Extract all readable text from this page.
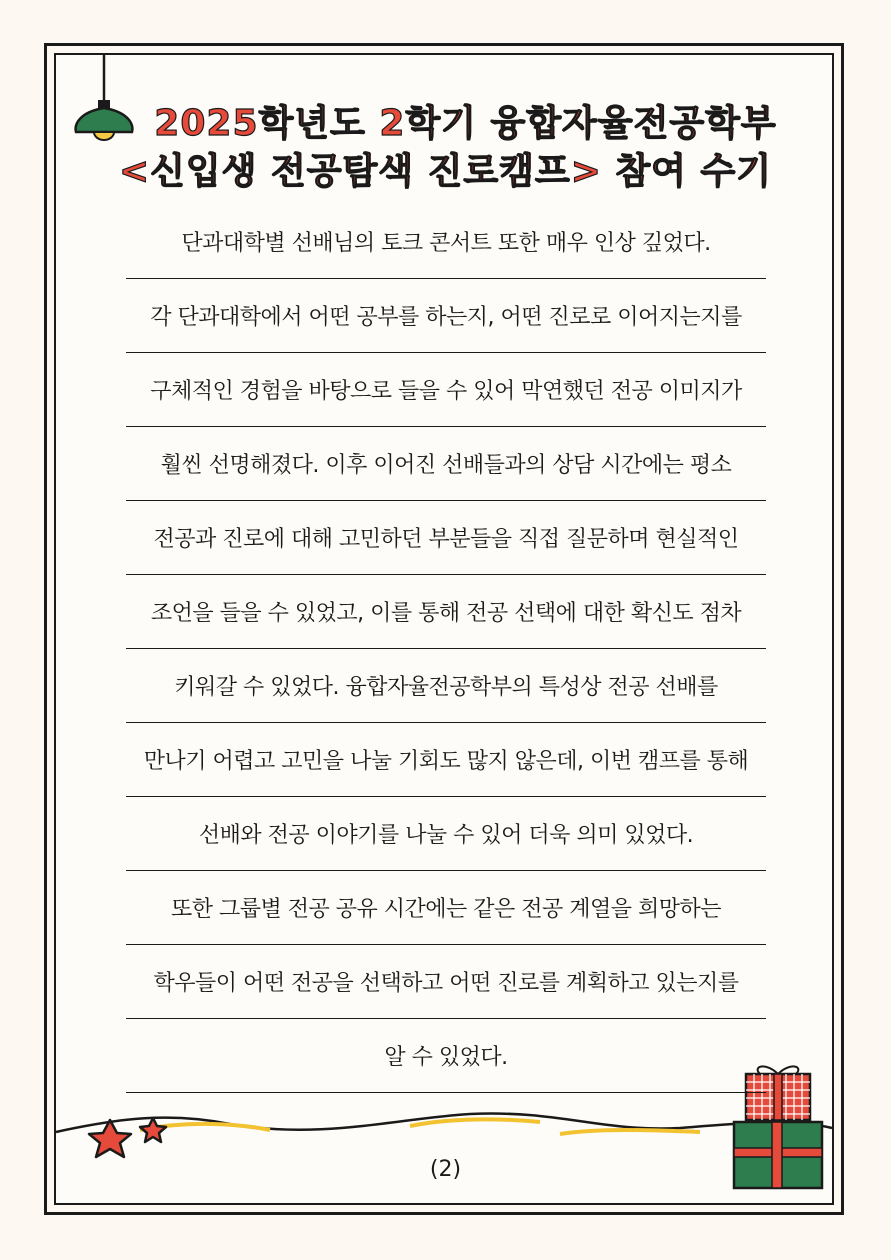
2025학년도 2학기 융합자율전공학부
<신입생 전공탐색 진로캠프> 참여 수기
단과대학별 선배님의 토크 콘서트 또한 매우 인상 깊었다.
각 단과대학에서 어떤 공부를 하는지, 어떤 진로로 이어지는지를
구체적인 경험을 바탕으로 들을 수 있어 막연했던 전공 이미지가
훨씬 선명해졌다. 이후 이어진 선배들과의 상담 시간에는 평소
전공과 진로에 대해 고민하던 부분들을 직접 질문하며 현실적인
조언을 들을 수 있었고, 이를 통해 전공 선택에 대한 확신도 점차
키워갈 수 있었다. 융합자율전공학부의 특성상 전공 선배를
만나기 어렵고 고민을 나눌 기회도 많지 않은데, 이번 캠프를 통해
선배와 전공 이야기를 나눌 수 있어 더욱 의미 있었다.
또한 그룹별 전공 공유 시간에는 같은 전공 계열을 희망하는
학우들이 어떤 전공을 선택하고 어떤 진로를 계획하고 있는지를
알 수 있었다.
(2)
